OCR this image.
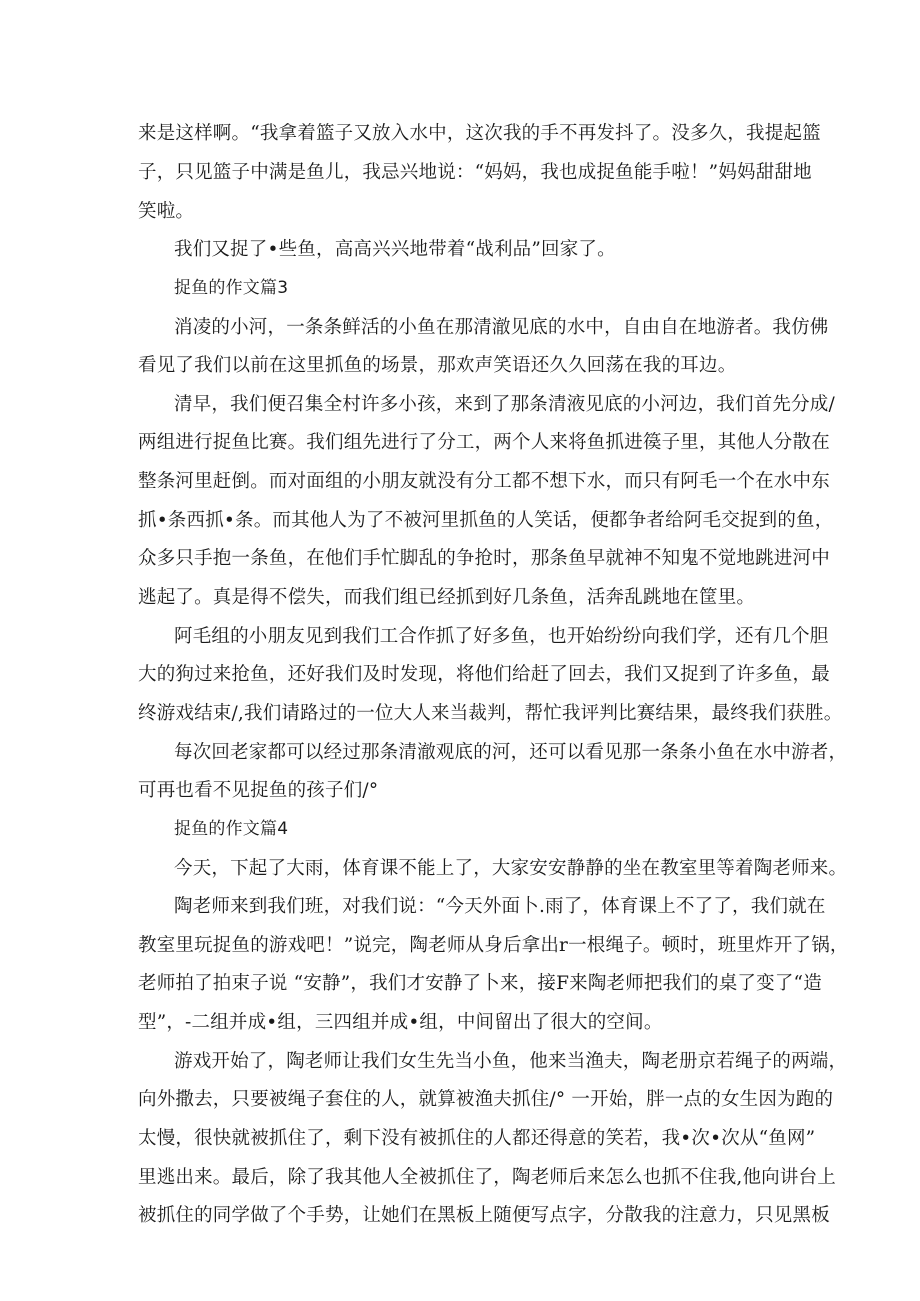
来是这样啊。“我拿着篮子又放入水中，这次我的手不再发抖了。没多久，我提起篮
子，只见篮子中满是鱼儿，我忌兴地说：“妈妈，我也成捉鱼能手啦！”妈妈甜甜地
笑啦。
我们又捉了•些鱼，高高兴兴地带着“战利品”回家了。
捉鱼的作文篇3
消凌的小河，一条条鲜活的小鱼在那清澈见底的水中，自由自在地游者。我仿佛
看见了我们以前在这里抓鱼的场景，那欢声笑语还久久回荡在我的耳边。
清早，我们便召集全村许多小孩，来到了那条清液见底的小河边，我们首先分成/
两组进行捉鱼比赛。我们组先进行了分工，两个人来将鱼抓进篌子里，其他人分散在
整条河里赶倒。而对面组的小朋友就没有分工都不想下水，而只有阿毛一个在水中东
抓•条西抓•条。而其他人为了不被河里抓鱼的人笑话，便都争者给阿毛交捉到的鱼，
众多只手抱一条鱼，在他们手忙脚乱的争抢时，那条鱼早就神不知鬼不觉地跳进河中
逃起了。真是得不偿失，而我们组已经抓到好几条鱼，活奔乱跳地在筐里。
阿毛组的小朋友见到我们工合作抓了好多鱼，也开始纷纷向我们学，还有几个胆
大的狗过来抢鱼，还好我们及时发现，将他们给赶了回去，我们又捉到了许多鱼，最
终游戏结束/,我们请路过的一位大人来当裁判，帮忙我评判比赛结果，最终我们获胜。
每次回老家都可以经过那条清澈观底的河，还可以看见那一条条小鱼在水中游者，
可再也看不见捉鱼的孩子们/°
捉鱼的作文篇4
今天，下起了大雨，体育课不能上了，大家安安静静的坐在教室里等着陶老师来。
陶老师来到我们班，对我们说：“今天外面卜.雨了，体育课上不了了，我们就在
教室里玩捉鱼的游戏吧！”说完，陶老师从身后拿出r一根绳子。顿时，班里炸开了锅，
老师拍了拍束子说 “安静”，我们才安静了卜来，接F来陶老师把我们的桌了变了“造
型”，-二组并成•组，三四组并成•组，中间留出了很大的空间。
游戏开始了，陶老师让我们女生先当小鱼，他来当渔夫，陶老册京若绳子的两端，
向外撒去，只要被绳子套住的人，就算被渔夫抓住/° 一开始，胖一点的女生因为跑的
太慢，很快就被抓住了，剩下没有被抓住的人都还得意的笑若，我•次•次从“鱼网”
里逃出来。最后，除了我其他人全被抓住了，陶老师后来怎么也抓不住我,他向讲台上
被抓住的同学做了个手势，让她们在黑板上随便写点字，分散我的注意力，只见黑板
